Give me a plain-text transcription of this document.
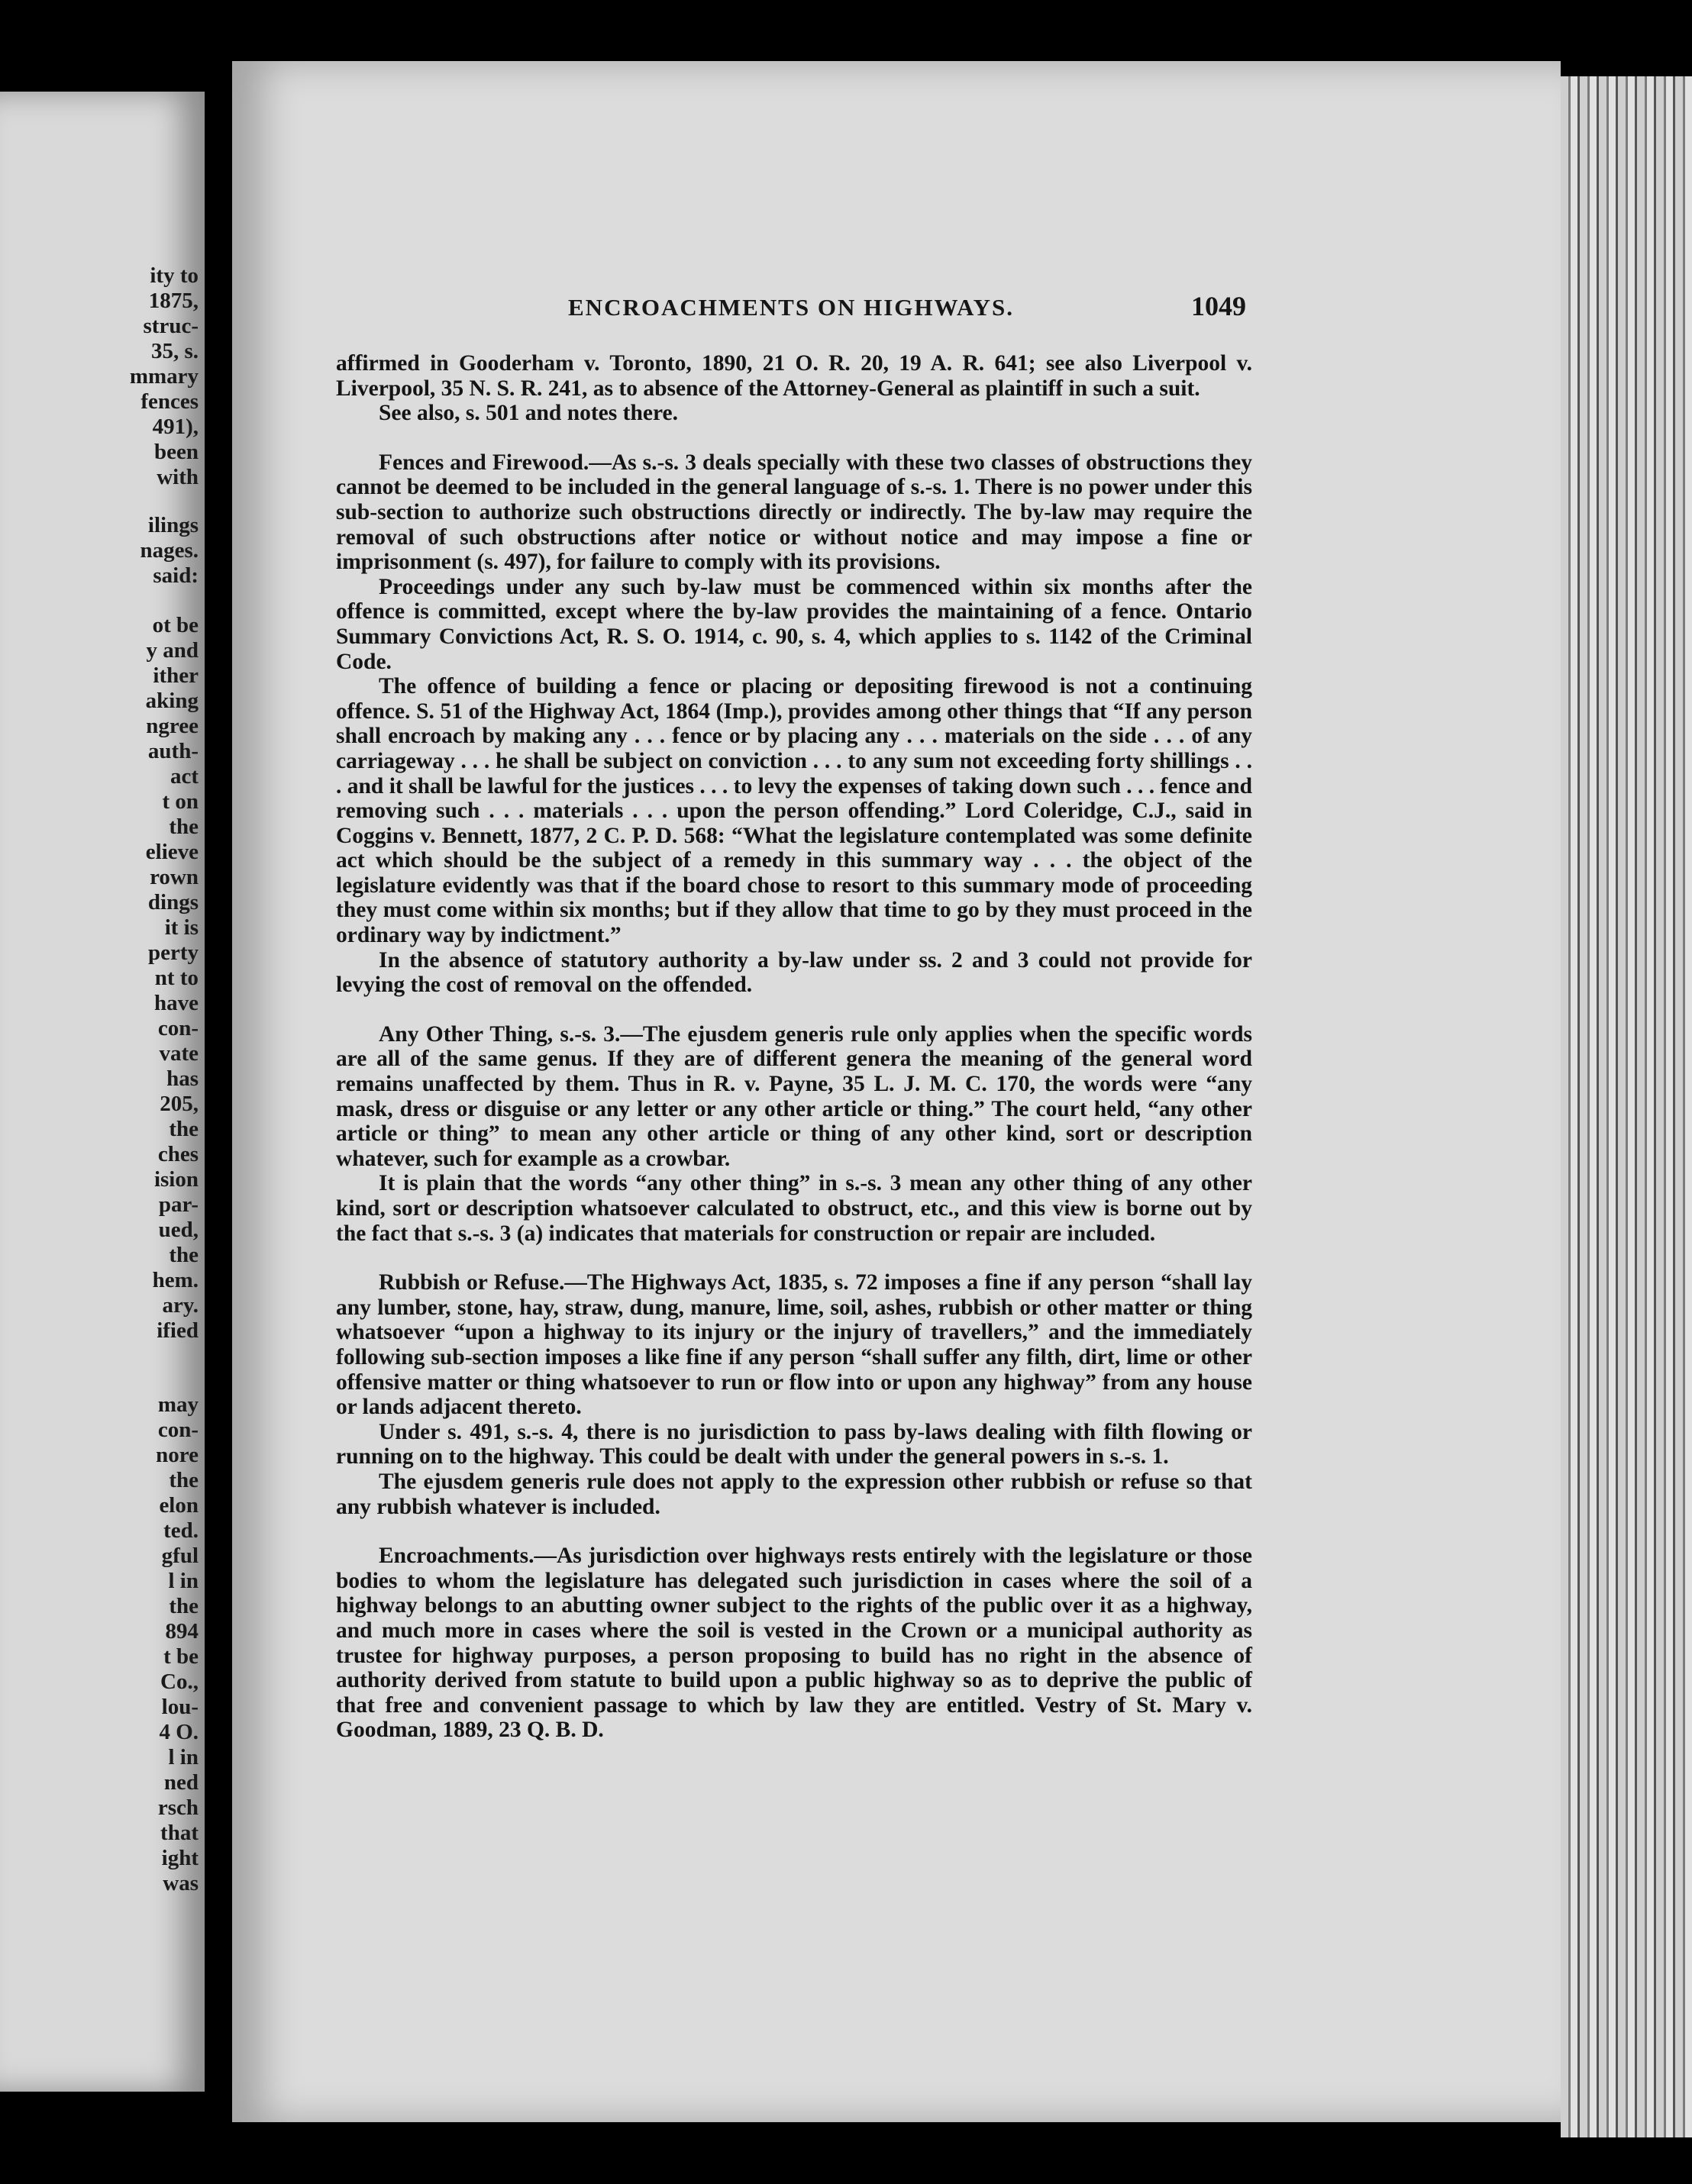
ity to
1875,
struc-
35, s.
mmary
fences
491),
been
with
ilings
nages.
said:
ot be
y and
ither
aking
ngree
auth-
act
t on
the
elieve
rown
dings
it is
perty
nt to
have
con-
vate
has
205,
the
ches
ision
par-
ued,
the
hem.
ary.
ified
may
con-
nore
the
elon
ted.
gful
l in
the
894
t be
Co.,
lou-
4 O.
l in
ned
rsch
that
ight
was
ENCROACHMENTS ON HIGHWAYS.	1049

affirmed in Gooderham v. Toronto, 1890, 21 O. R. 20, 19 A. R. 641; see also Liverpool v. Liverpool, 35 N. S. R. 241, as to absence of the Attorney-General as plaintiff in such a suit.

See also, s. 501 and notes there.

Fences and Firewood.—As s.-s. 3 deals specially with these two classes of obstructions they cannot be deemed to be included in the general language of s.-s. 1. There is no power under this sub-section to authorize such obstructions directly or indirectly. The by-law may require the removal of such obstructions after notice or without notice and may impose a fine or imprisonment (s. 497), for failure to comply with its provisions.

Proceedings under any such by-law must be commenced within six months after the offence is committed, except where the by-law provides the maintaining of a fence. Ontario Summary Convictions Act, R. S. O. 1914, c. 90, s. 4, which applies to s. 1142 of the Criminal Code.

The offence of building a fence or placing or depositing firewood is not a continuing offence. S. 51 of the Highway Act, 1864 (Imp.), provides among other things that “If any person shall encroach by making any . . . fence or by placing any . . . materials on the side . . . of any carriageway . . . he shall be subject on conviction . . . to any sum not exceeding forty shillings . . . and it shall be lawful for the justices . . . to levy the expenses of taking down such . . . fence and removing such . . . materials . . . upon the person offending.” Lord Coleridge, C.J., said in Coggins v. Bennett, 1877, 2 C. P. D. 568: “What the legislature contemplated was some definite act which should be the subject of a remedy in this summary way . . . the object of the legislature evidently was that if the board chose to resort to this summary mode of proceeding they must come within six months; but if they allow that time to go by they must proceed in the ordinary way by indictment.”

In the absence of statutory authority a by-law under ss. 2 and 3 could not provide for levying the cost of removal on the offended.

Any Other Thing, s.-s. 3.—The ejusdem generis rule only applies when the specific words are all of the same genus. If they are of different genera the meaning of the general word remains unaffected by them. Thus in R. v. Payne, 35 L. J. M. C. 170, the words were “any mask, dress or disguise or any letter or any other article or thing.” The court held, “any other article or thing” to mean any other article or thing of any other kind, sort or description whatever, such for example as a crowbar.

It is plain that the words “any other thing” in s.-s. 3 mean any other thing of any other kind, sort or description whatsoever calculated to obstruct, etc., and this view is borne out by the fact that s.-s. 3 (a) indicates that materials for construction or repair are included.

Rubbish or Refuse.—The Highways Act, 1835, s. 72 imposes a fine if any person “shall lay any lumber, stone, hay, straw, dung, manure, lime, soil, ashes, rubbish or other matter or thing whatsoever “upon a highway to its injury or the injury of travellers,” and the immediately following sub-section imposes a like fine if any person “shall suffer any filth, dirt, lime or other offensive matter or thing whatsoever to run or flow into or upon any highway” from any house or lands adjacent thereto.

Under s. 491, s.-s. 4, there is no jurisdiction to pass by-laws dealing with filth flowing or running on to the highway. This could be dealt with under the general powers in s.-s. 1.

The ejusdem generis rule does not apply to the expression other rubbish or refuse so that any rubbish whatever is included.

Encroachments.—As jurisdiction over highways rests entirely with the legislature or those bodies to whom the legislature has delegated such jurisdiction in cases where the soil of a highway belongs to an abutting owner subject to the rights of the public over it as a highway, and much more in cases where the soil is vested in the Crown or a municipal authority as trustee for highway purposes, a person proposing to build has no right in the absence of authority derived from statute to build upon a public highway so as to deprive the public of that free and convenient passage to which by law they are entitled. Vestry of St. Mary v. Goodman, 1889, 23 Q. B. D.
